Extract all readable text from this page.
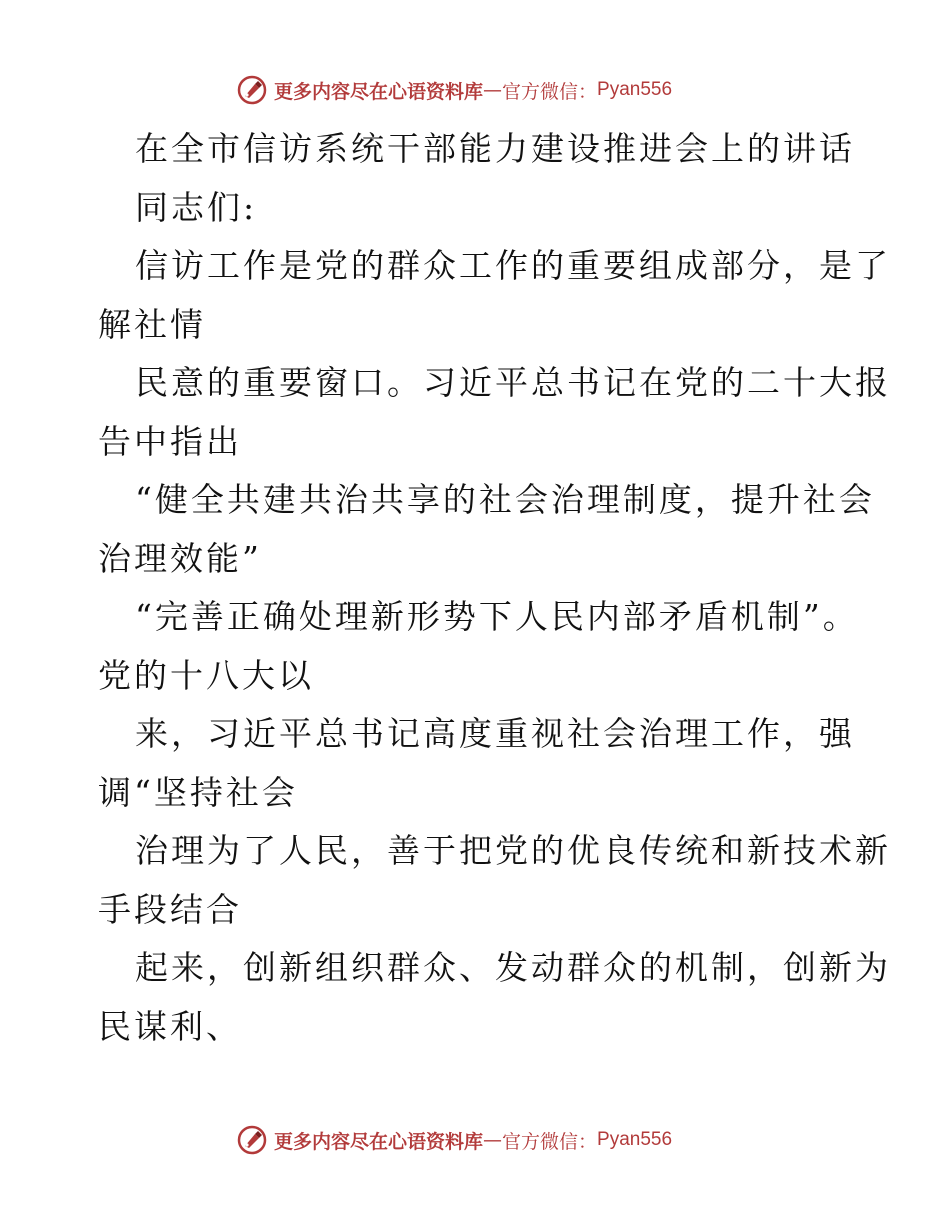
更多内容尽在心语资料库 — 官方微信： Pyan556
在全市信访系统干部能力建设推进会上的讲话
同志们:
信访工作是党的群众工作的重要组成部分，是了
解社情
民意的重要窗口。习近平总书记在党的二十大报
告中指出
“健全共建共治共享的社会治理制度，提升社会
治理效能”
“完善正确处理新形势下人民内部矛盾机制”。
党的十八大以
来，习近平总书记高度重视社会治理工作，强
调“坚持社会
治理为了人民，善于把党的优良传统和新技术新
手段结合
起来，创新组织群众、发动群众的机制，创新为
民谋利、
更多内容尽在心语资料库 — 官方微信： Pyan556
